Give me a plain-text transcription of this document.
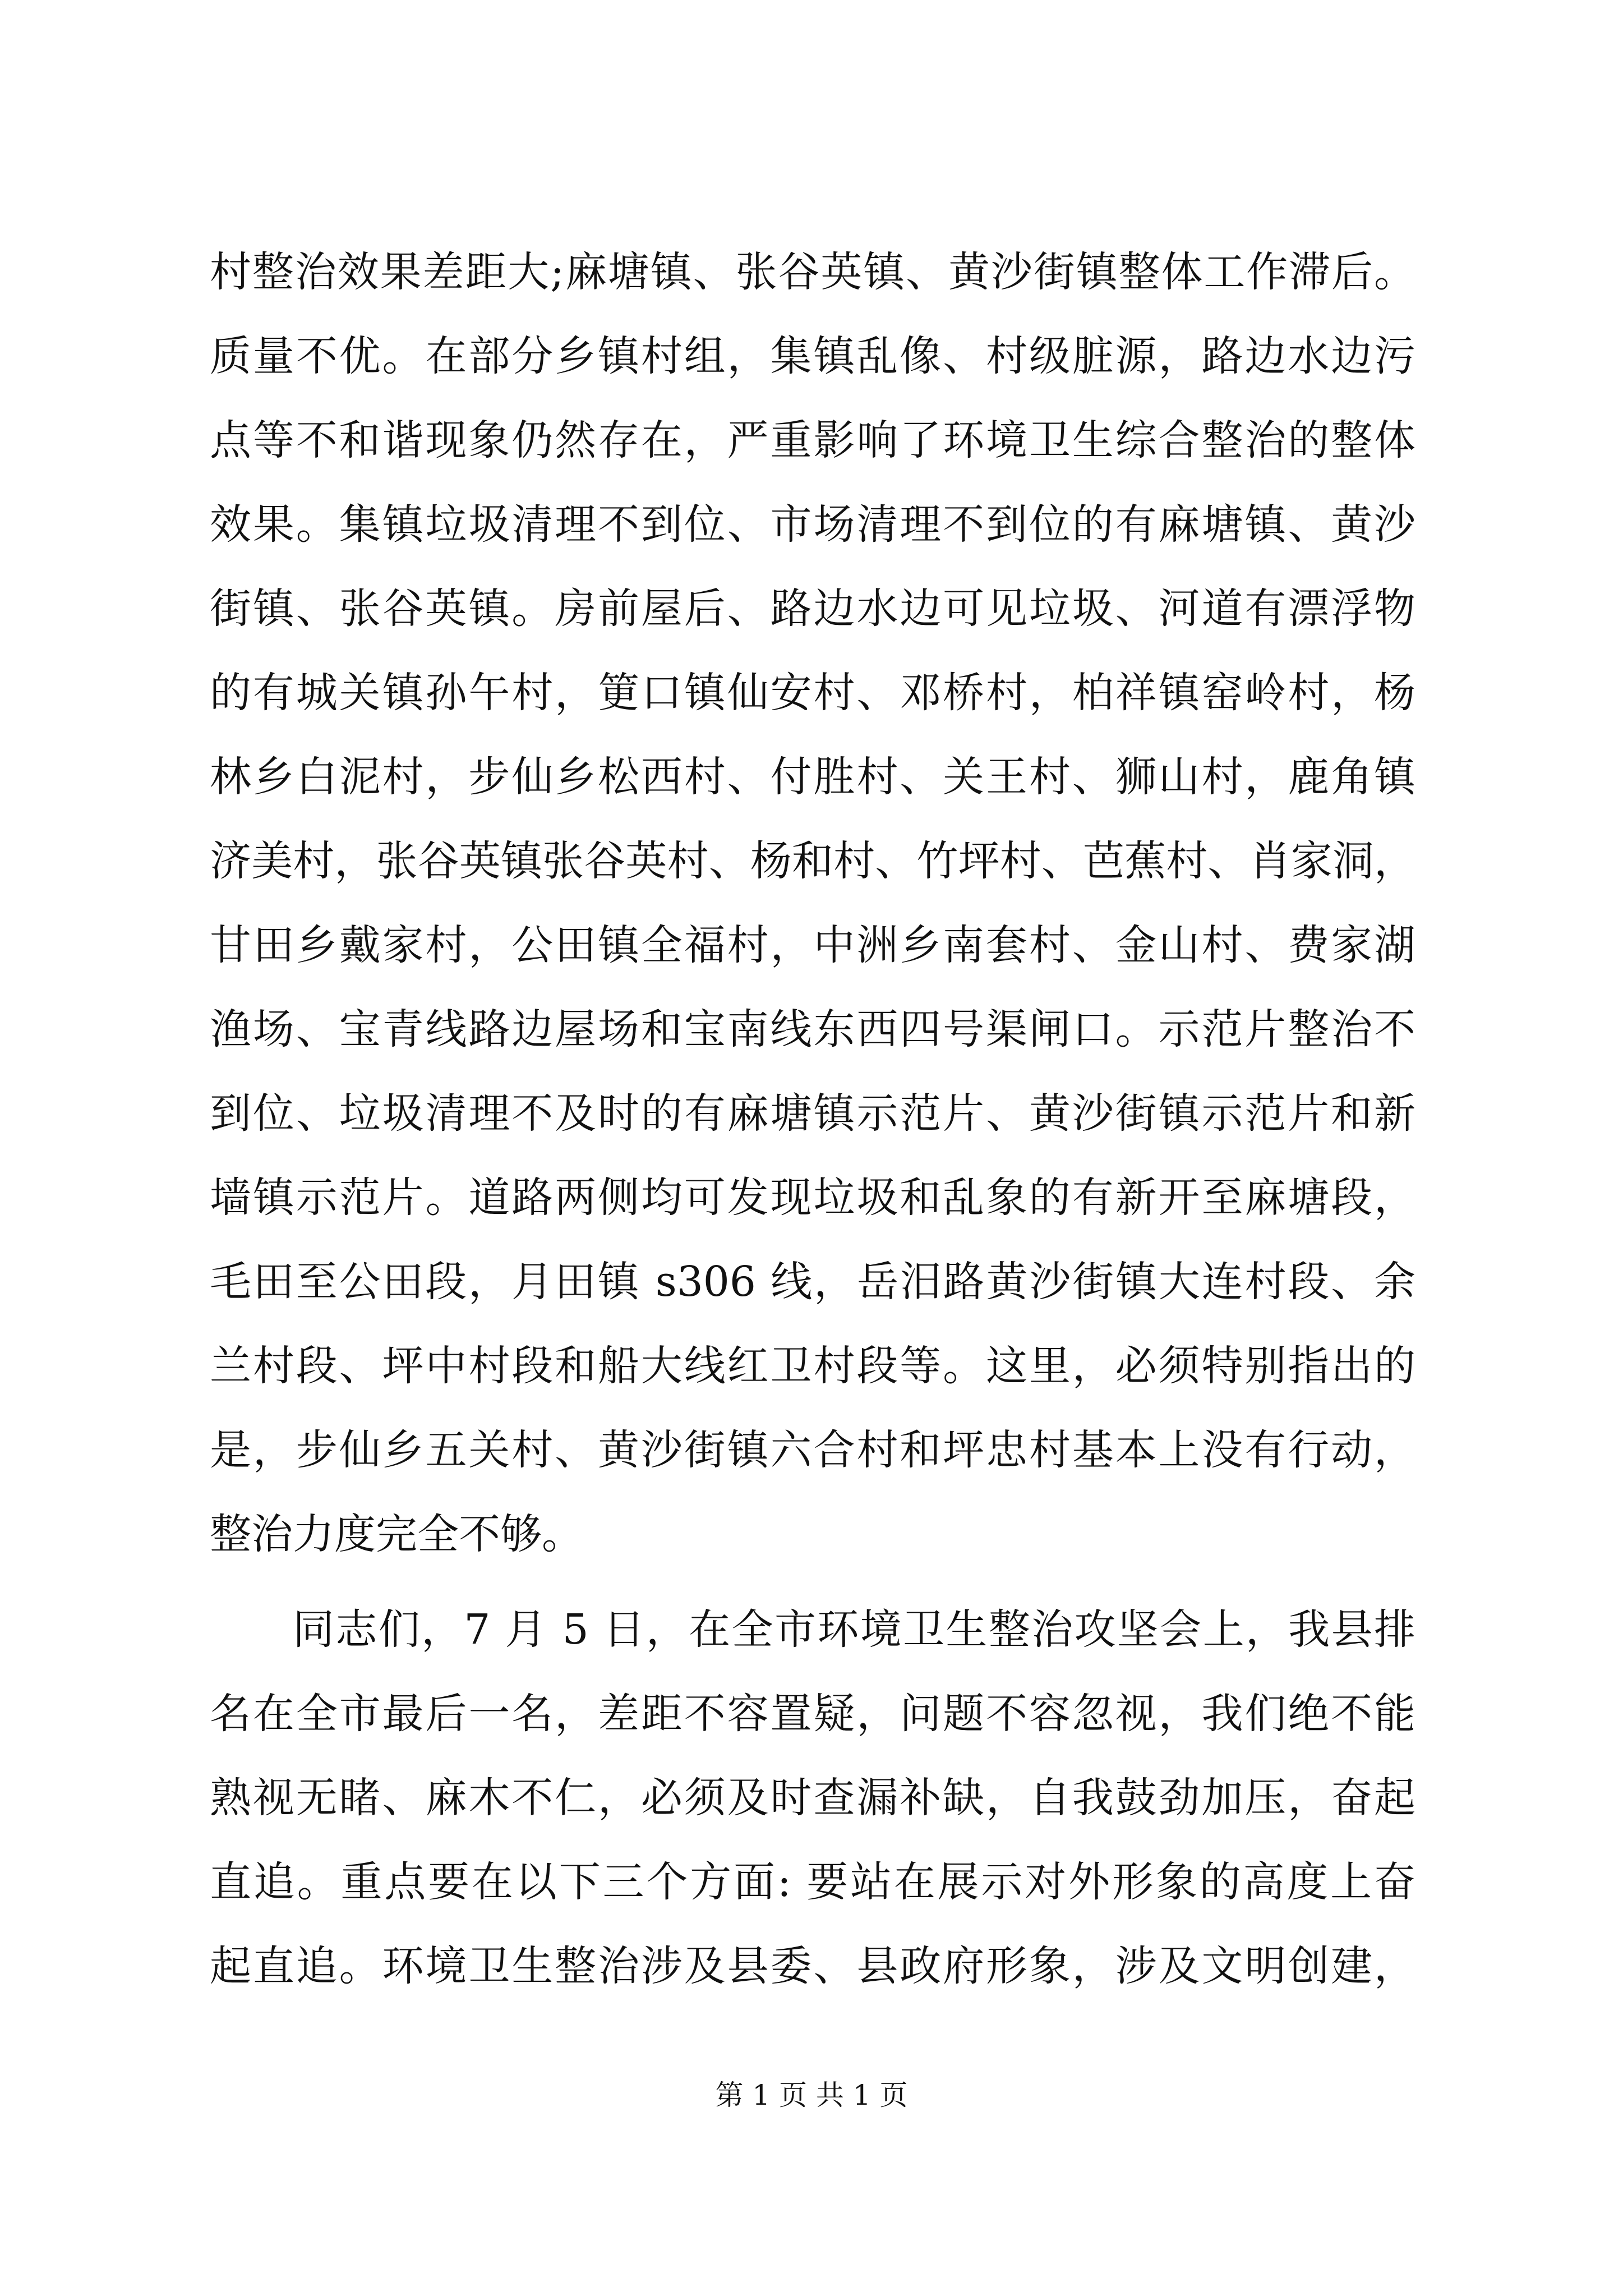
村整治效果差距大;麻塘镇、张谷英镇、黄沙街镇整体工作滞后。
质量不优。在部分乡镇村组，集镇乱像、村级脏源，路边水边污
点等不和谐现象仍然存在，严重影响了环境卫生综合整治的整体
效果。集镇垃圾清理不到位、市场清理不到位的有麻塘镇、黄沙
街镇、张谷英镇。房前屋后、路边水边可见垃圾、河道有漂浮物
的有城关镇孙午村，筻口镇仙安村、邓桥村，柏祥镇窑岭村，杨
林乡白泥村，步仙乡松西村、付胜村、关王村、狮山村，鹿角镇
济美村，张谷英镇张谷英村、杨和村、竹坪村、芭蕉村、肖家洞，
甘田乡戴家村，公田镇全福村，中洲乡南套村、金山村、费家湖
渔场、宝青线路边屋场和宝南线东西四号渠闸口。示范片整治不
到位、垃圾清理不及时的有麻塘镇示范片、黄沙街镇示范片和新
墙镇示范片。道路两侧均可发现垃圾和乱象的有新开至麻塘段，
毛田至公田段，月田镇 s306 线，岳汨路黄沙街镇大连村段、余
兰村段、坪中村段和船大线红卫村段等。这里，必须特别指出的
是，步仙乡五关村、黄沙街镇六合村和坪忠村基本上没有行动，
整治力度完全不够。
同志们，7 月 5 日，在全市环境卫生整治攻坚会上，我县排
名在全市最后一名，差距不容置疑，问题不容忽视，我们绝不能
熟视无睹、麻木不仁，必须及时查漏补缺，自我鼓劲加压，奋起
直追。重点要在以下三个方面: 要站在展示对外形象的高度上奋
起直追。环境卫生整治涉及县委、县政府形象，涉及文明创建，
第 1 页 共 1 页
